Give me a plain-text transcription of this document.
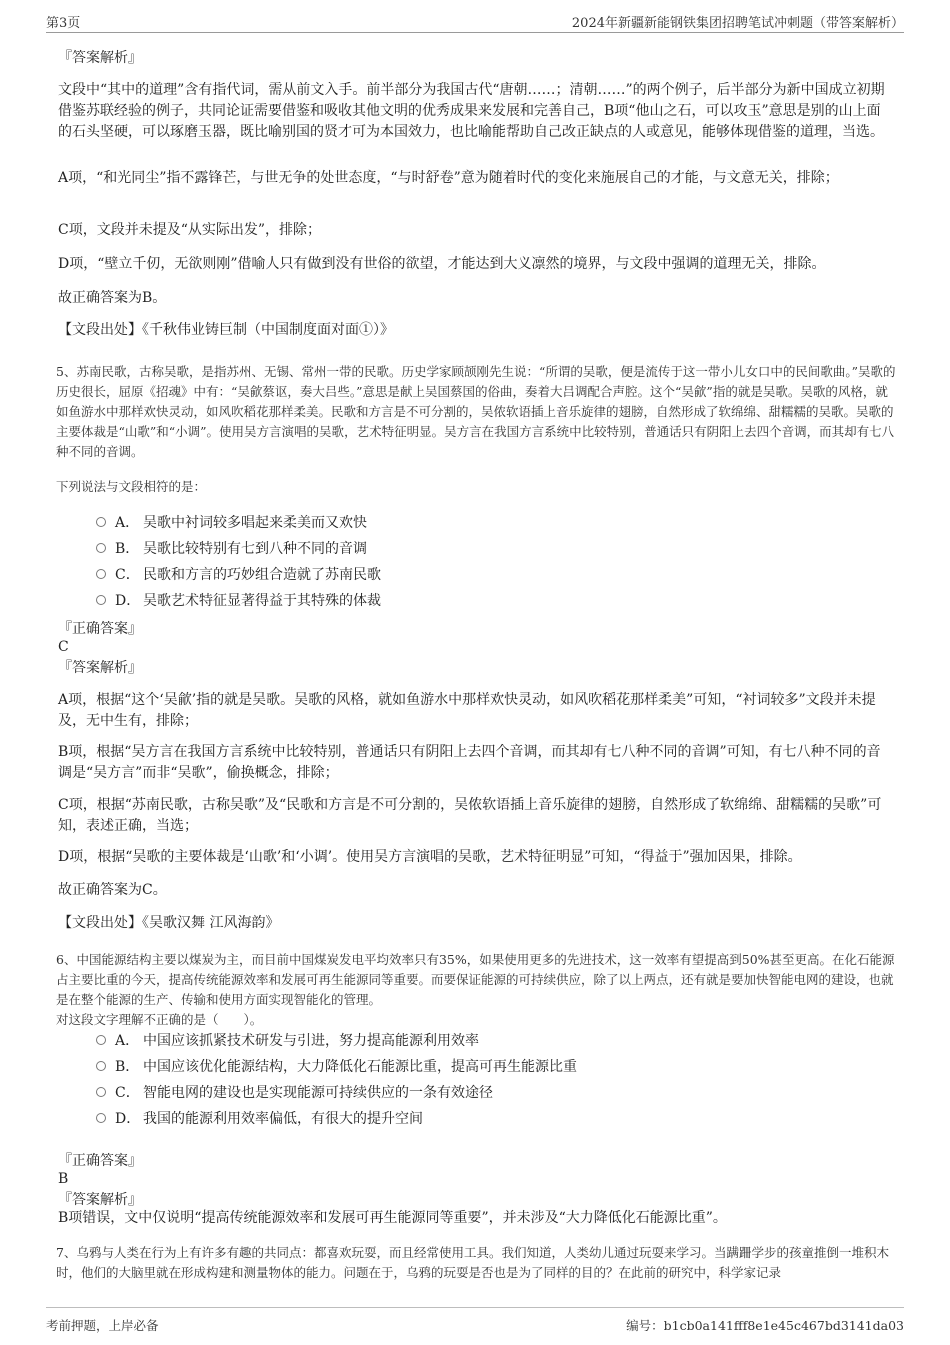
第3页	2024年新疆新能钢铁集团招聘笔试冲刺题（带答案解析）

『答案解析』

文段中“其中的道理”含有指代词，需从前文入手。前半部分为我国古代“唐朝……；清朝……”的两个例子，后半部分为新中国成立初期借鉴苏联经验的例子，共同论证需要借鉴和吸收其他文明的优秀成果来发展和完善自己，B项“他山之石，可以攻玉”意思是别的山上面的石头坚硬，可以琢磨玉器，既比喻别国的贤才可为本国效力，也比喻能帮助自己改正缺点的人或意见，能够体现借鉴的道理，当选。

A项，“和光同尘”指不露锋芒，与世无争的处世态度，“与时舒卷”意为随着时代的变化来施展自己的才能，与文意无关，排除；

C项，文段并未提及“从实际出发”，排除；

D项，“壁立千仞，无欲则刚”借喻人只有做到没有世俗的欲望，才能达到大义凛然的境界，与文段中强调的道理无关，排除。

故正确答案为B。

【文段出处】《千秋伟业铸巨制（中国制度面对面①）》

5、苏南民歌，古称吴歌，是指苏州、无锡、常州一带的民歌。历史学家顾颉刚先生说：“所谓的吴歌，便是流传于这一带小儿女口中的民间歌曲。”吴歌的历史很长，屈原《招魂》中有：“吴歈蔡讴，奏大吕些。”意思是献上吴国蔡国的俗曲，奏着大吕调配合声腔。这个“吴歈”指的就是吴歌。吴歌的风格，就如鱼游水中那样欢快灵动，如风吹稻花那样柔美。民歌和方言是不可分割的，吴侬软语插上音乐旋律的翅膀，自然形成了软绵绵、甜糯糯的吴歌。吴歌的主要体裁是“山歌”和“小调”。使用吴方言演唱的吴歌，艺术特征明显。吴方言在我国方言系统中比较特别，普通话只有阴阳上去四个音调，而其却有七八种不同的音调。

下列说法与文段相符的是：

A． 吴歌中衬词较多唱起来柔美而又欢快
B． 吴歌比较特别有七到八种不同的音调
C． 民歌和方言的巧妙组合造就了苏南民歌
D． 吴歌艺术特征显著得益于其特殊的体裁

『正确答案』

C

『答案解析』

A项，根据“这个‘吴歈’指的就是吴歌。吴歌的风格，就如鱼游水中那样欢快灵动，如风吹稻花那样柔美”可知，“衬词较多”文段并未提及，无中生有，排除；

B项，根据“吴方言在我国方言系统中比较特别，普通话只有阴阳上去四个音调，而其却有七八种不同的音调”可知，有七八种不同的音调是“吴方言”而非“吴歌”，偷换概念，排除；

C项，根据“苏南民歌，古称吴歌”及“民歌和方言是不可分割的，吴侬软语插上音乐旋律的翅膀，自然形成了软绵绵、甜糯糯的吴歌”可知，表述正确，当选；

D项，根据“吴歌的主要体裁是‘山歌’和‘小调’。使用吴方言演唱的吴歌，艺术特征明显”可知，“得益于”强加因果，排除。

故正确答案为C。

【文段出处】《吴歌汉舞 江风海韵》

6、中国能源结构主要以煤炭为主，而目前中国煤炭发电平均效率只有35%，如果使用更多的先进技术，这一效率有望提高到50%甚至更高。在化石能源占主要比重的今天，提高传统能源效率和发展可再生能源同等重要。而要保证能源的可持续供应，除了以上两点，还有就是要加快智能电网的建设，也就是在整个能源的生产、传输和使用方面实现智能化的管理。

对这段文字理解不正确的是（　　）。

A． 中国应该抓紧技术研发与引进，努力提高能源利用效率
B． 中国应该优化能源结构，大力降低化石能源比重，提高可再生能源比重
C． 智能电网的建设也是实现能源可持续供应的一条有效途径
D． 我国的能源利用效率偏低，有很大的提升空间

『正确答案』

B

『答案解析』

B项错误，文中仅说明“提高传统能源效率和发展可再生能源同等重要”，并未涉及“大力降低化石能源比重”。

7、乌鸦与人类在行为上有许多有趣的共同点：都喜欢玩耍，而且经常使用工具。我们知道，人类幼儿通过玩耍来学习。当蹒跚学步的孩童推倒一堆积木时，他们的大脑里就在形成构建和测量物体的能力。问题在于，乌鸦的玩耍是否也是为了同样的目的？在此前的研究中，科学家记录

考前押题，上岸必备	编号：b1cb0a141fff8e1e45c467bd3141da03
